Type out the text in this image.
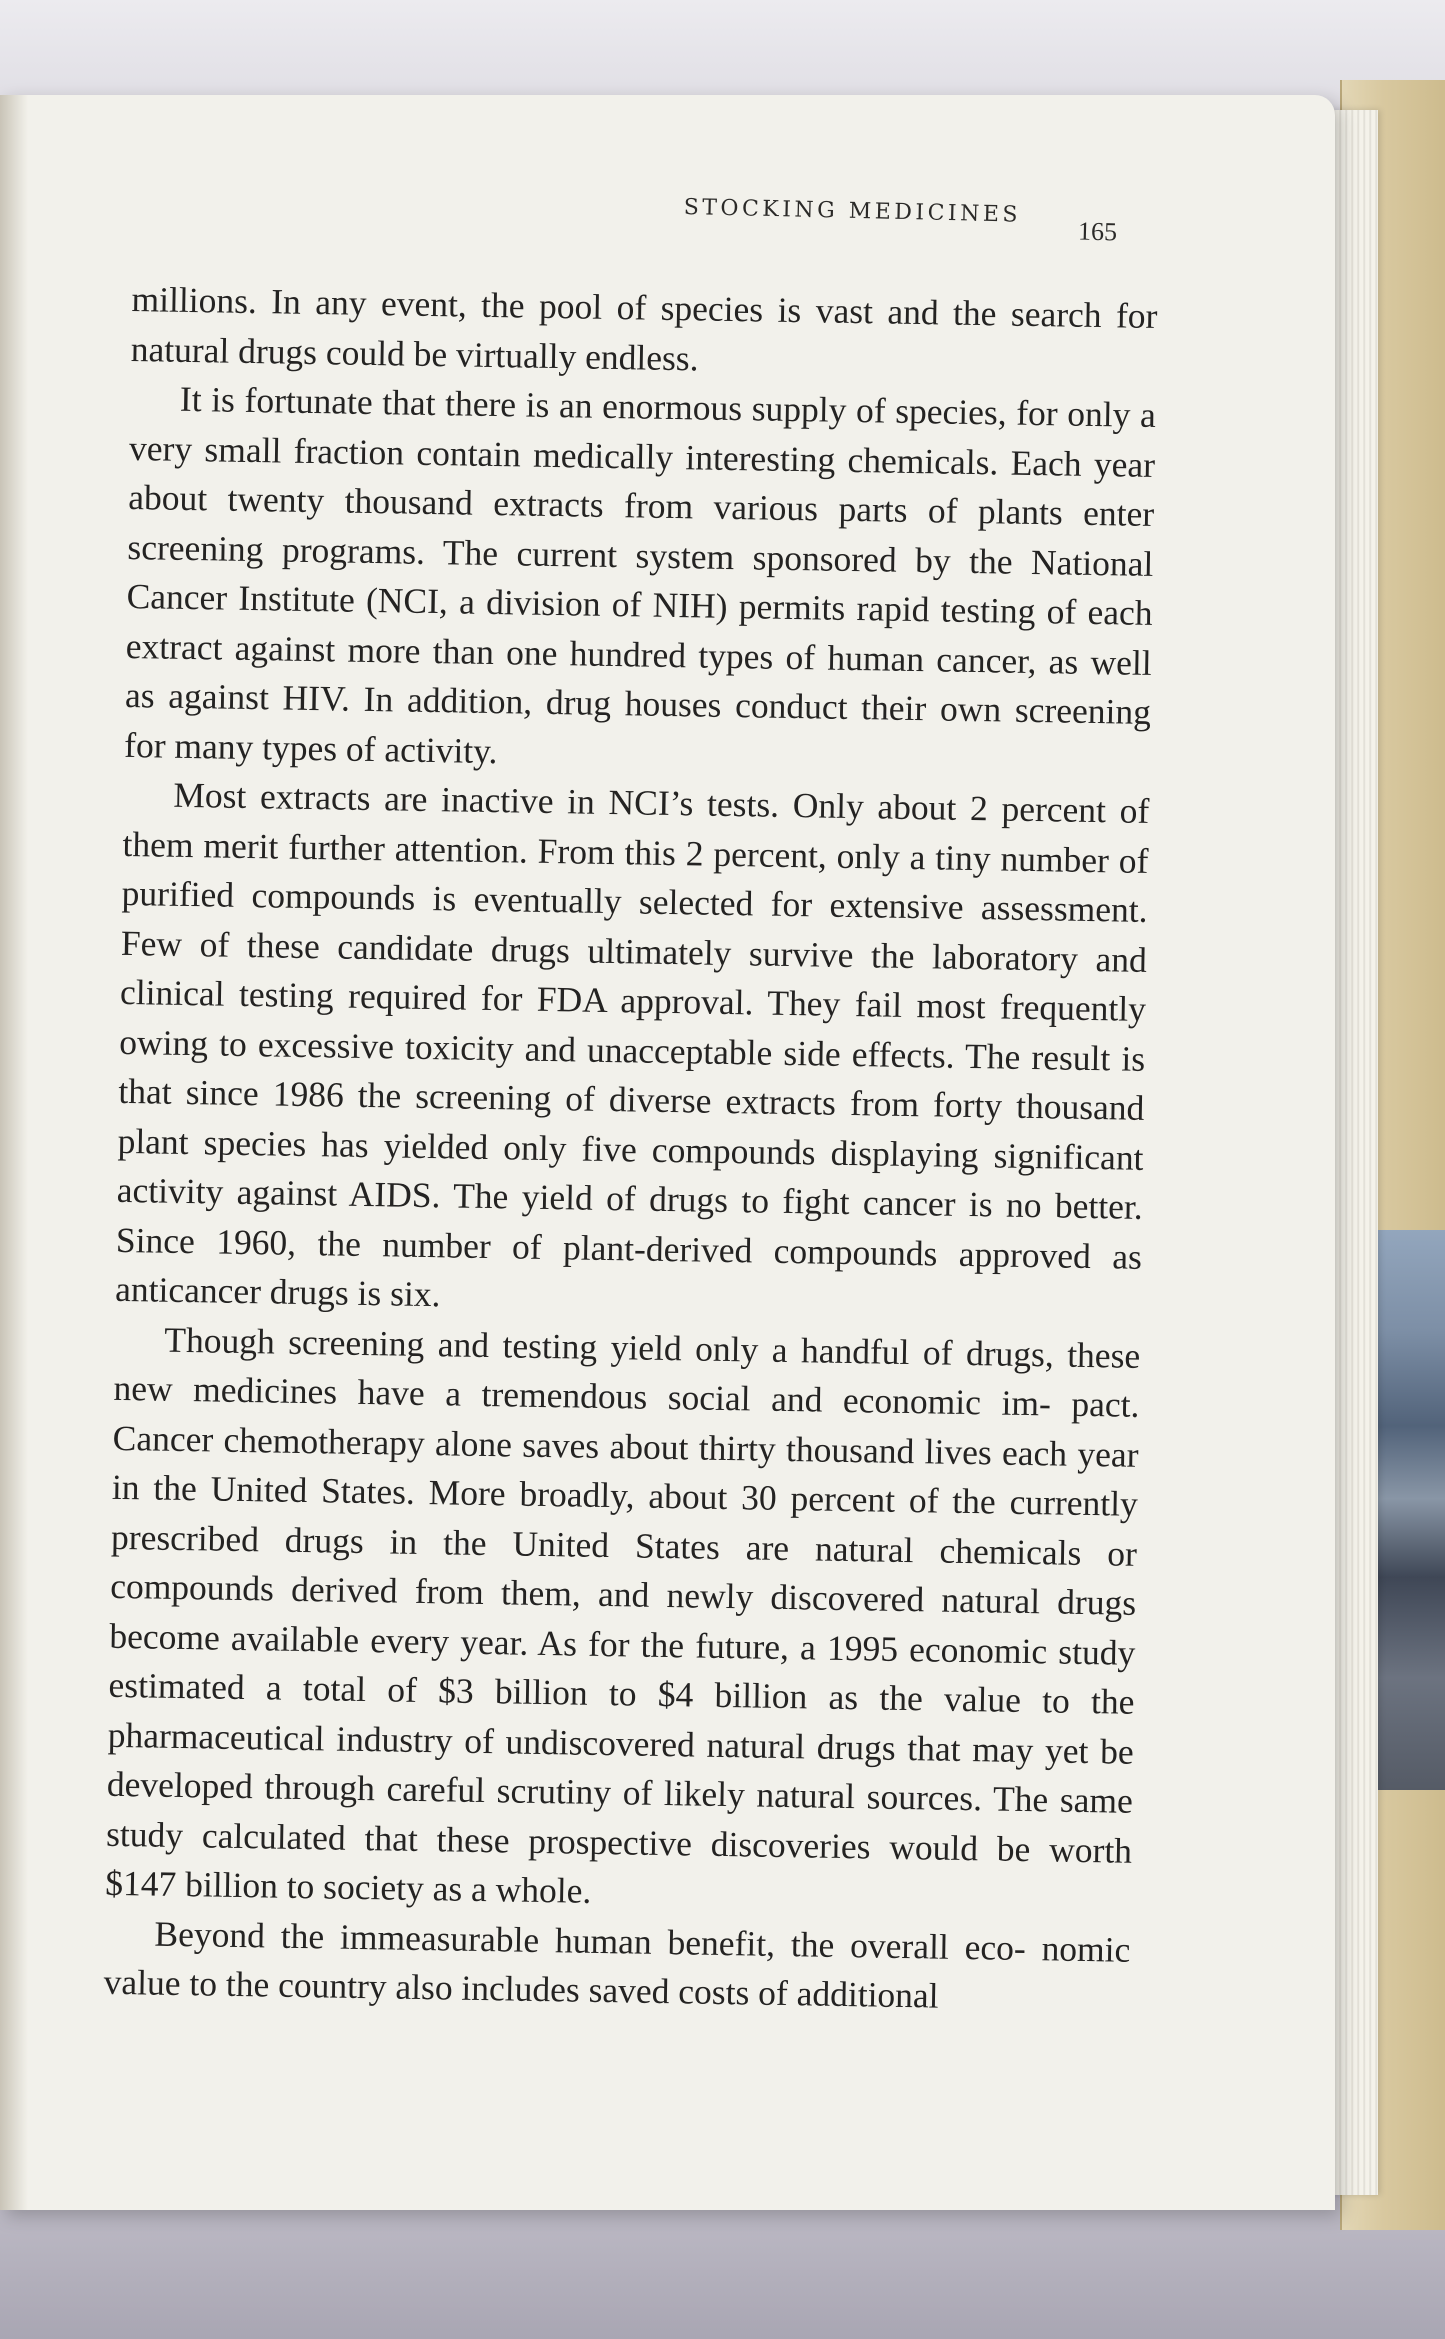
STOCKING MEDICINES
165

millions. In any event, the pool of species is vast and the search for natural drugs could be virtually endless.

It is fortunate that there is an enormous supply of species, for only a very small fraction contain medically interesting chemicals. Each year about twenty thousand extracts from various parts of plants enter screening programs. The current system sponsored by the National Cancer Institute (NCI, a division of NIH) permits rapid testing of each extract against more than one hundred types of human cancer, as well as against HIV. In addition, drug houses conduct their own screening for many types of activity.

Most extracts are inactive in NCI’s tests. Only about 2 percent of them merit further attention. From this 2 percent, only a tiny number of purified compounds is eventually selected for extensive assessment. Few of these candidate drugs ultimately survive the laboratory and clinical testing required for FDA approval. They fail most frequently owing to excessive toxicity and unacceptable side effects. The result is that since 1986 the screening of diverse extracts from forty thousand plant species has yielded only five compounds displaying significant activity against AIDS. The yield of drugs to fight cancer is no better. Since 1960, the number of plant-derived compounds approved as anticancer drugs is six.

Though screening and testing yield only a handful of drugs, these new medicines have a tremendous social and economic im- pact. Cancer chemotherapy alone saves about thirty thousand lives each year in the United States. More broadly, about 30 percent of the currently prescribed drugs in the United States are natural chemicals or compounds derived from them, and newly discovered natural drugs become available every year. As for the future, a 1995 economic study estimated a total of $3 billion to $4 billion as the value to the pharmaceutical industry of undiscovered natural drugs that may yet be developed through careful scrutiny of likely natural sources. The same study calculated that these prospective discoveries would be worth $147 billion to society as a whole.

Beyond the immeasurable human benefit, the overall eco- nomic value to the country also includes saved costs of additional
